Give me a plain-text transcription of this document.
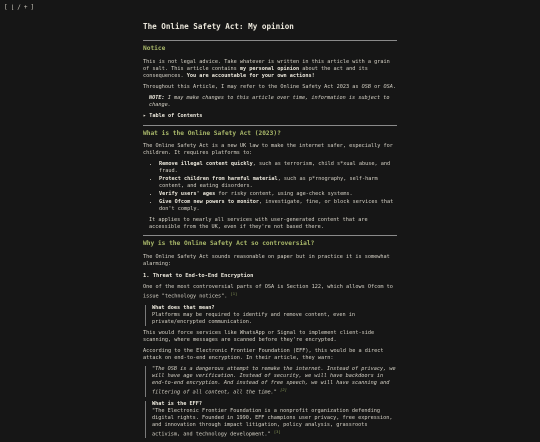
[ ⌊ / + ]
The Online Safety Act: My opinion
Notice

This is not legal advice. Take whatever is written in this article with a grain of salt. This article contains my personal opinion about the act and its consequences. You are accountable for your own actions!

Throughout this Article, I may refer to the Online Safety Act 2023 as OSB or OSA.

NOTE: I may make changes to this article over time, information is subject to change.

▸ Table of Contents
What is the Online Safety Act (2023)?

The Online Safety Act is a new UK law to make the internet safer, especially for children. It requires platforms to:

• Remove illegal content quickly, such as terrorism, child s*xual abuse, and fraud.
• Protect children from harmful material, such as p*rnography, self-harm content, and eating disorders.
• Verify users' ages for risky content, using age-check systems.
• Give Ofcom new powers to monitor, investigate, fine, or block services that don't comply.

It applies to nearly all services with user-generated content that are accessible from the UK, even if they're not based there.

Why is the Online Safety Act so controversial?

The Online Safety Act sounds reasonable on paper but in practice it is somewhat alarming:

1. Threat to End-to-End Encryption

One of the most controversial parts of OSA is Section 122, which allows Ofcom to issue "technology notices". [1]

What does that mean?
Platforms may be required to identify and remove content, even in private/encrypted communication.

This would force services like WhatsApp or Signal to implement client-side scanning, where messages are scanned before they're encrypted.

According to the Electronic Frontier Foundation (EFF), this would be a direct attack on end-to-end encryption. In their article, they warn:

"The OSB is a dangerous attempt to remake the internet. Instead of privacy, we will have age verification. Instead of security, we will have backdoors in end-to-end encryption. And instead of free speech, we will have scanning and filtering of all content, all the time." [2]
What is the EFF?
"The Electronic Frontier Foundation is a nonprofit organization defending digital rights. Founded in 1990, EFF champions user privacy, free expression, and innovation through impact litigation, policy analysis, grassroots activism, and technology development." [3]
